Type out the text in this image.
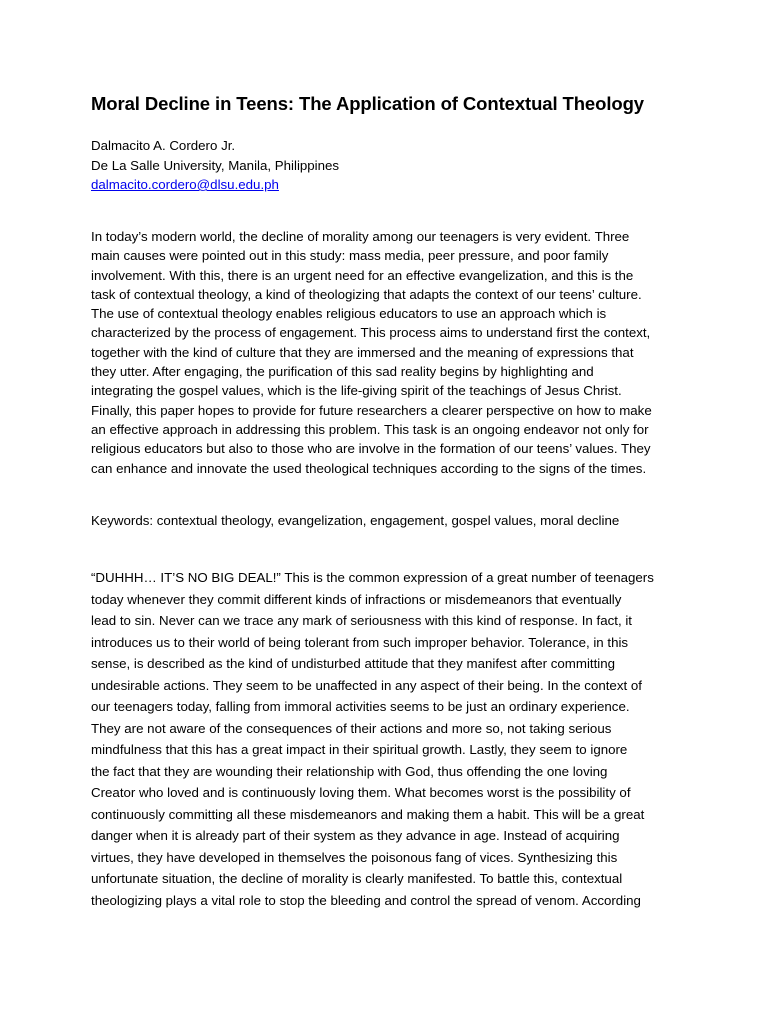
Moral Decline in Teens: The Application of Contextual Theology
Dalmacito A. Cordero Jr.
De La Salle University, Manila, Philippines
dalmacito.cordero@dlsu.edu.ph
In today’s modern world, the decline of morality among our teenagers is very evident. Three
main causes were pointed out in this study: mass media, peer pressure, and poor family
involvement. With this, there is an urgent need for an effective evangelization, and this is the
task of contextual theology, a kind of theologizing that adapts the context of our teens’ culture.
The use of contextual theology enables religious educators to use an approach which is
characterized by the process of engagement. This process aims to understand first the context,
together with the kind of culture that they are immersed and the meaning of expressions that
they utter. After engaging, the purification of this sad reality begins by highlighting and
integrating the gospel values, which is the life-giving spirit of the teachings of Jesus Christ.
Finally, this paper hopes to provide for future researchers a clearer perspective on how to make
an effective approach in addressing this problem. This task is an ongoing endeavor not only for
religious educators but also to those who are involve in the formation of our teens’ values. They
can enhance and innovate the used theological techniques according to the signs of the times.
Keywords: contextual theology, evangelization, engagement, gospel values, moral decline
“DUHHH… IT’S NO BIG DEAL!” This is the common expression of a great number of teenagers
today whenever they commit different kinds of infractions or misdemeanors that eventually
lead to sin. Never can we trace any mark of seriousness with this kind of response. In fact, it
introduces us to their world of being tolerant from such improper behavior. Tolerance, in this
sense, is described as the kind of undisturbed attitude that they manifest after committing
undesirable actions. They seem to be unaffected in any aspect of their being. In the context of
our teenagers today, falling from immoral activities seems to be just an ordinary experience.
They are not aware of the consequences of their actions and more so, not taking serious
mindfulness that this has a great impact in their spiritual growth. Lastly, they seem to ignore
the fact that they are wounding their relationship with God, thus offending the one loving
Creator who loved and is continuously loving them. What becomes worst is the possibility of
continuously committing all these misdemeanors and making them a habit. This will be a great
danger when it is already part of their system as they advance in age. Instead of acquiring
virtues, they have developed in themselves the poisonous fang of vices. Synthesizing this
unfortunate situation, the decline of morality is clearly manifested. To battle this, contextual
theologizing plays a vital role to stop the bleeding and control the spread of venom. According
